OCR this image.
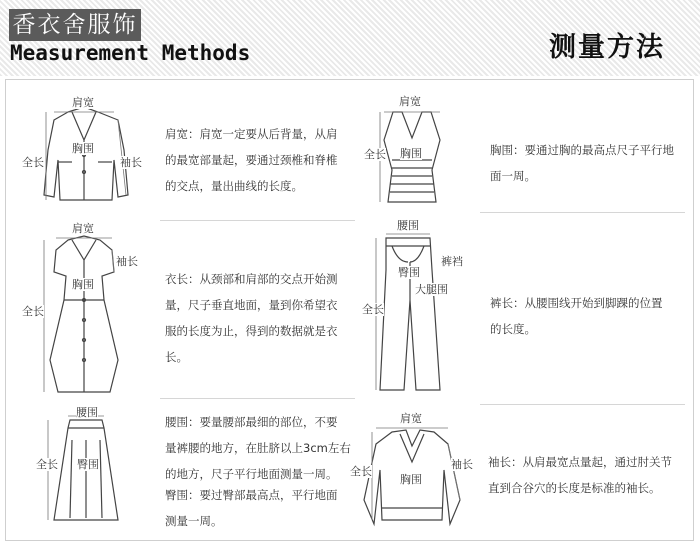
香衣舍服饰
Measurement Methods	测量方法
肩宽
胸围
全长	袖长
肩宽
胸围
全长
肩宽
胸围
全长
袖长
腰围
臀围
全长
裤裆
大腿围
腰围
臀围
全长
肩宽
胸围
全长
袖长
肩宽：肩宽一定要从后背量，从肩
的最宽部量起，要通过颈椎和脊椎
的交点，量出曲线的长度。
胸围：要通过胸的最高点尺子平行地
面一周。
衣长：从颈部和肩部的交点开始测
量，尺子垂直地面，量到你希望衣
服的长度为止，得到的数据就是衣
长。
裤长：从腰围线开始到脚踝的位置
的长度。
腰围：要量腰部最细的部位，不要
量裤腰的地方，在肚脐以上3cm左右
的地方，尺子平行地面测量一周。
臀围：要过臀部最高点，平行地面
测量一周。
袖长：从肩最宽点量起，通过肘关节
直到合谷穴的长度是标准的袖长。
